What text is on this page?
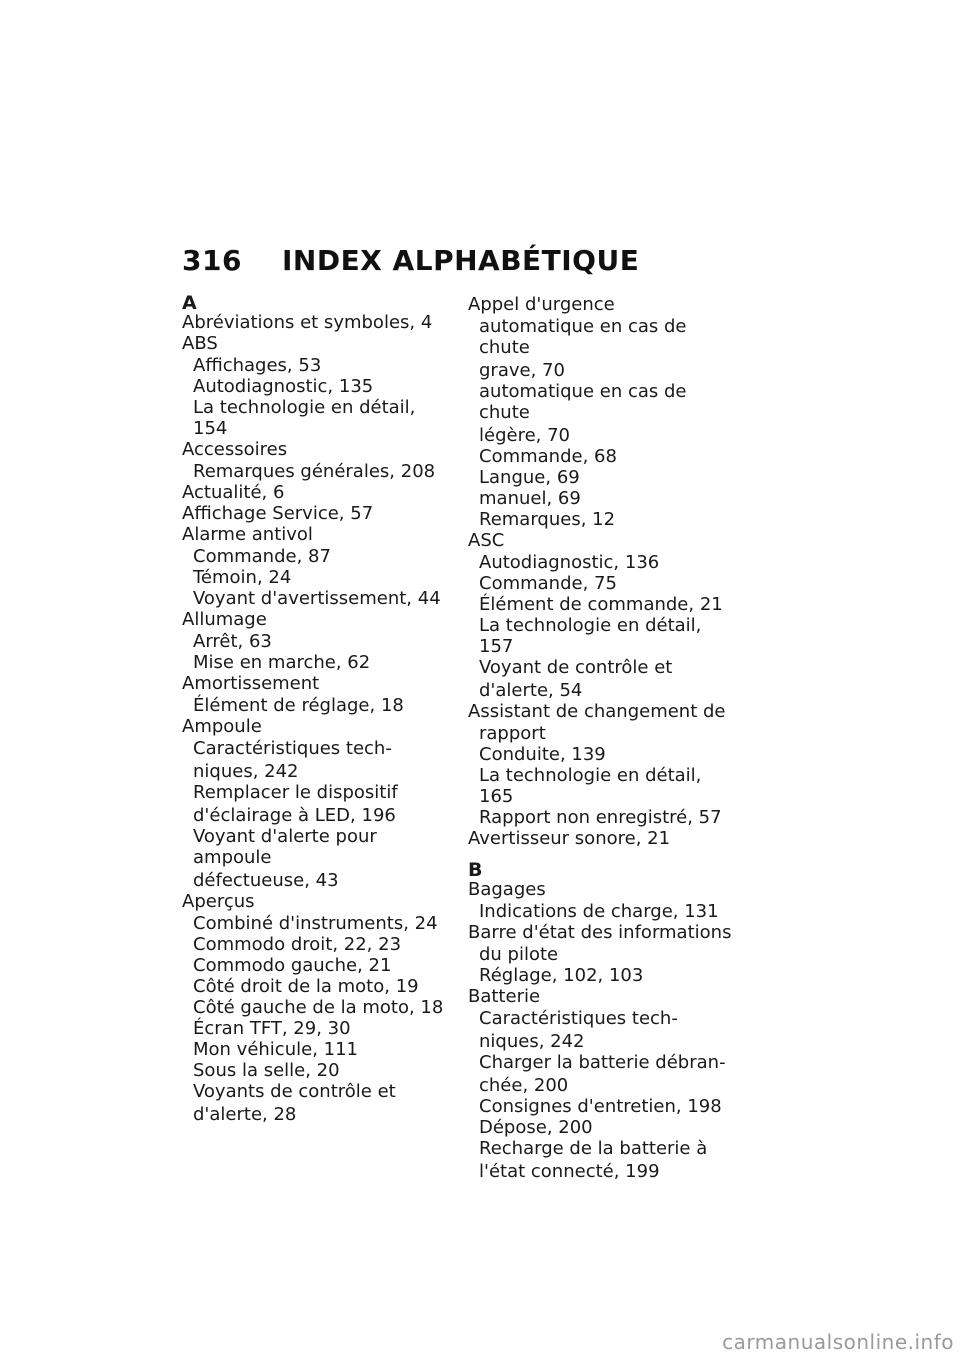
316 INDEX ALPHABÉTIQUE
A
Abréviations et symboles, 4
ABS
Affichages, 53
Autodiagnostic, 135
La technologie en détail, 154
Accessoires
Remarques générales, 208
Actualité, 6
Affichage Service, 57
Alarme antivol
Commande, 87
Témoin, 24
Voyant d'avertissement, 44
Allumage
Arrêt, 63
Mise en marche, 62
Amortissement
Élément de réglage, 18
Ampoule
Caractéristiques tech-
niques, 242
Remplacer le dispositif
d'éclairage à LED, 196
Voyant d'alerte pour ampoule
défectueuse, 43
Aperçus
Combiné d'instruments, 24
Commodo droit, 22, 23
Commodo gauche, 21
Côté droit de la moto, 19
Côté gauche de la moto, 18
Écran TFT, 29, 30
Mon véhicule, 111
Sous la selle, 20
Voyants de contrôle et
d'alerte, 28
Appel d'urgence
automatique en cas de chute
grave, 70
automatique en cas de chute
légère, 70
Commande, 68
Langue, 69
manuel, 69
Remarques, 12
ASC
Autodiagnostic, 136
Commande, 75
Élément de commande, 21
La technologie en détail, 157
Voyant de contrôle et
d'alerte, 54
Assistant de changement de
rapport
Conduite, 139
La technologie en détail, 165
Rapport non enregistré, 57
Avertisseur sonore, 21
B
Bagages
Indications de charge, 131
Barre d'état des informations
du pilote
Réglage, 102, 103
Batterie
Caractéristiques tech-
niques, 242
Charger la batterie débran-
chée, 200
Consignes d'entretien, 198
Dépose, 200
Recharge de la batterie à
l'état connecté, 199
carmanualsonline.info
